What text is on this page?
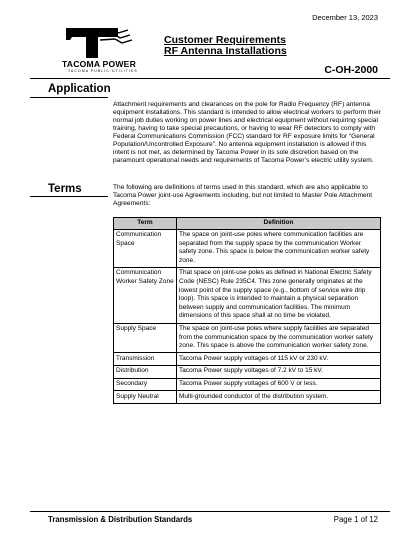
December 13, 2023
TACOMA POWER
TACOMA PUBLIC UTILITIES
Customer Requirements
RF Antenna Installations
C-OH-2000
Application
Attachment requirements and clearances on the pole for Radio Frequency (RF) antenna equipment installations. This standard is intended to allow electrical workers to perform their normal job duties working on power lines and electrical equipment without requiring special training, having to take special precautions, or having to wear RF detectors to comply with Federal Communications Commission (FCC) standard for RF exposure limits for “General Population/Uncontrolled Exposure”. No antenna equipment installation is allowed if this intent is not met, as determined by Tacoma Power in its sole discretion based on the paramount operational needs and requirements of Tacoma Power’s electric utility system.
Terms	The following are definitions of terms used in this standard, which are also applicable to Tacoma Power joint-use Agreements including, but not limited to Master Pole Attachment Agreements:
Term	Definition
Communication Space	The space on joint-use poles where communication facilities are separated from the supply space by the communication Worker safety zone. This space is below the communication worker safety zone.
Communication Worker Safety Zone	That space on joint-use poles as defined in National Electric Safety Code (NESC) Rule 235C4. This zone generally originates at the lowest point of the supply space (e.g., bottom of service wire drip loop). This space is intended to maintain a physical separation between supply and communication facilities. The minimum dimensions of this space shall at no time be violated.
Supply Space	The space on joint-use poles where supply facilities are separated from the communication space by the communication worker safety zone. This space is above the communication worker safety zone.
Transmission	Tacoma Power supply voltages of 115 kV or 230 kV.
Distribution	Tacoma Power supply voltages of 7.2 kV to 15 kV.
Secondary	Tacoma Power supply voltages of 600 V or less.
Supply Neutral	Multi-grounded conductor of the distribution system.
Transmission & Distribution Standards	Page 1 of 12
